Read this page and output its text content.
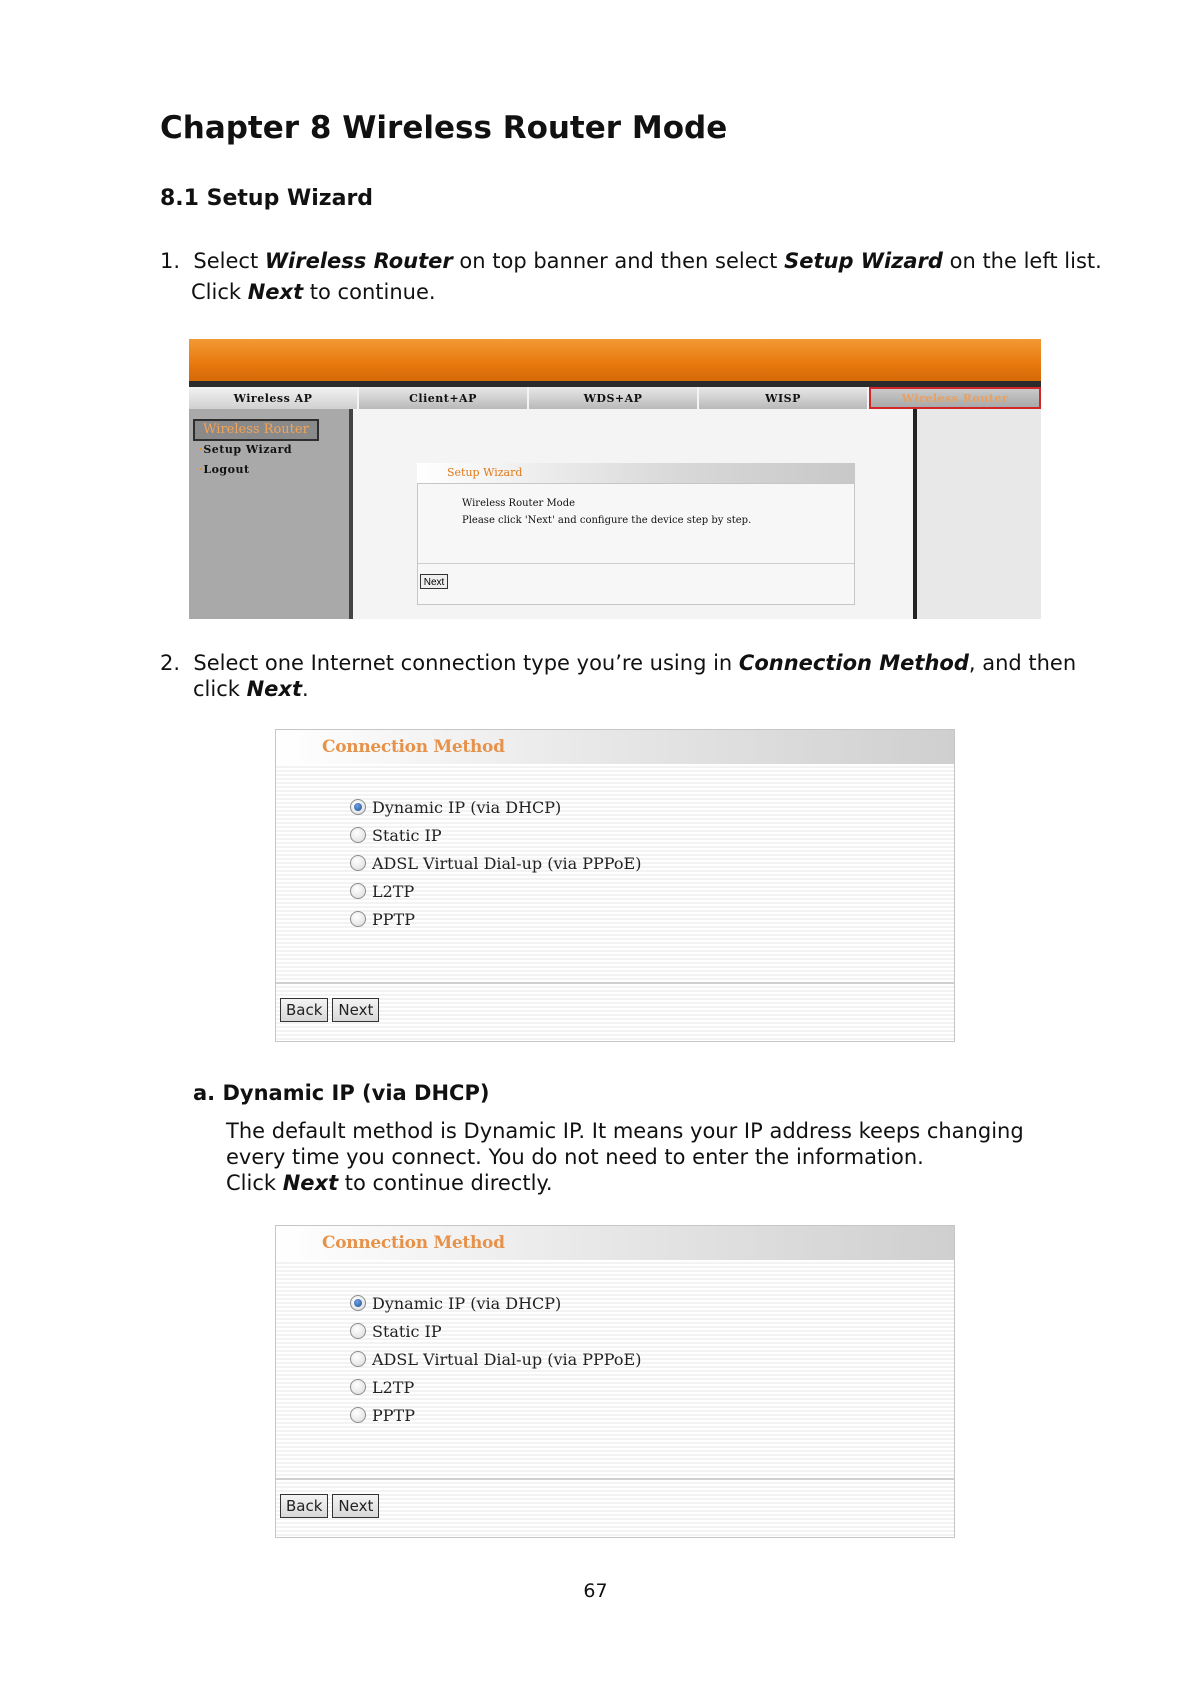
Chapter 8 Wireless Router Mode
8.1 Setup Wizard
1. Select Wireless Router on top banner and then select Setup Wizard on the left list.
Click Next to continue.
Wireless AP	Client+AP	WDS+AP	WISP	Wireless Router
Wireless Router
·Setup Wizard
·Logout	Setup Wizard
Wireless Router Mode
Please click 'Next' and configure the device step by step.
Next
2. Select one Internet connection type you’re using in Connection Method, and then
click Next.
Connection Method
Dynamic IP (via DHCP)
Static IP
ADSL Virtual Dial-up (via PPPoE)
L2TP
PPTP
Back	Next
a. Dynamic IP (via DHCP)
The default method is Dynamic IP. It means your IP address keeps changing
every time you connect. You do not need to enter the information.
Click Next to continue directly.
Connection Method
Dynamic IP (via DHCP)
Static IP
ADSL Virtual Dial-up (via PPPoE)
L2TP
PPTP
Back	Next
67
